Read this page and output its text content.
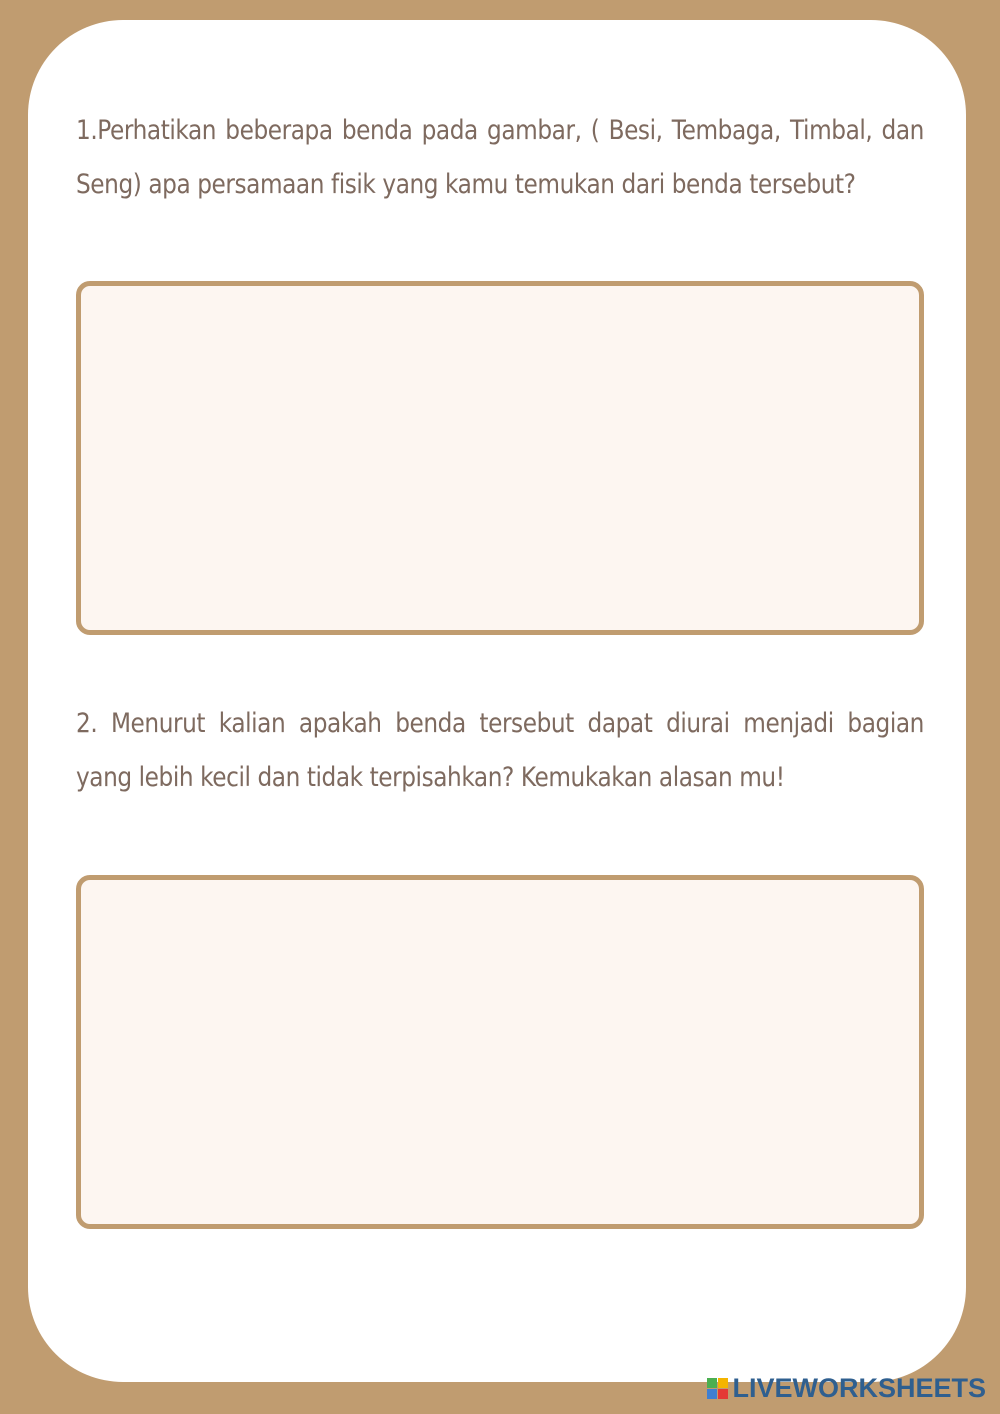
1.Perhatikan beberapa benda pada gambar, ( Besi, Tembaga, Timbal, dan Seng) apa persamaan fisik yang kamu temukan dari benda tersebut?

2. Menurut kalian apakah benda tersebut dapat diurai menjadi bagian yang lebih kecil dan tidak terpisahkan? Kemukakan alasan mu!

LIVEWORKSHEETS
